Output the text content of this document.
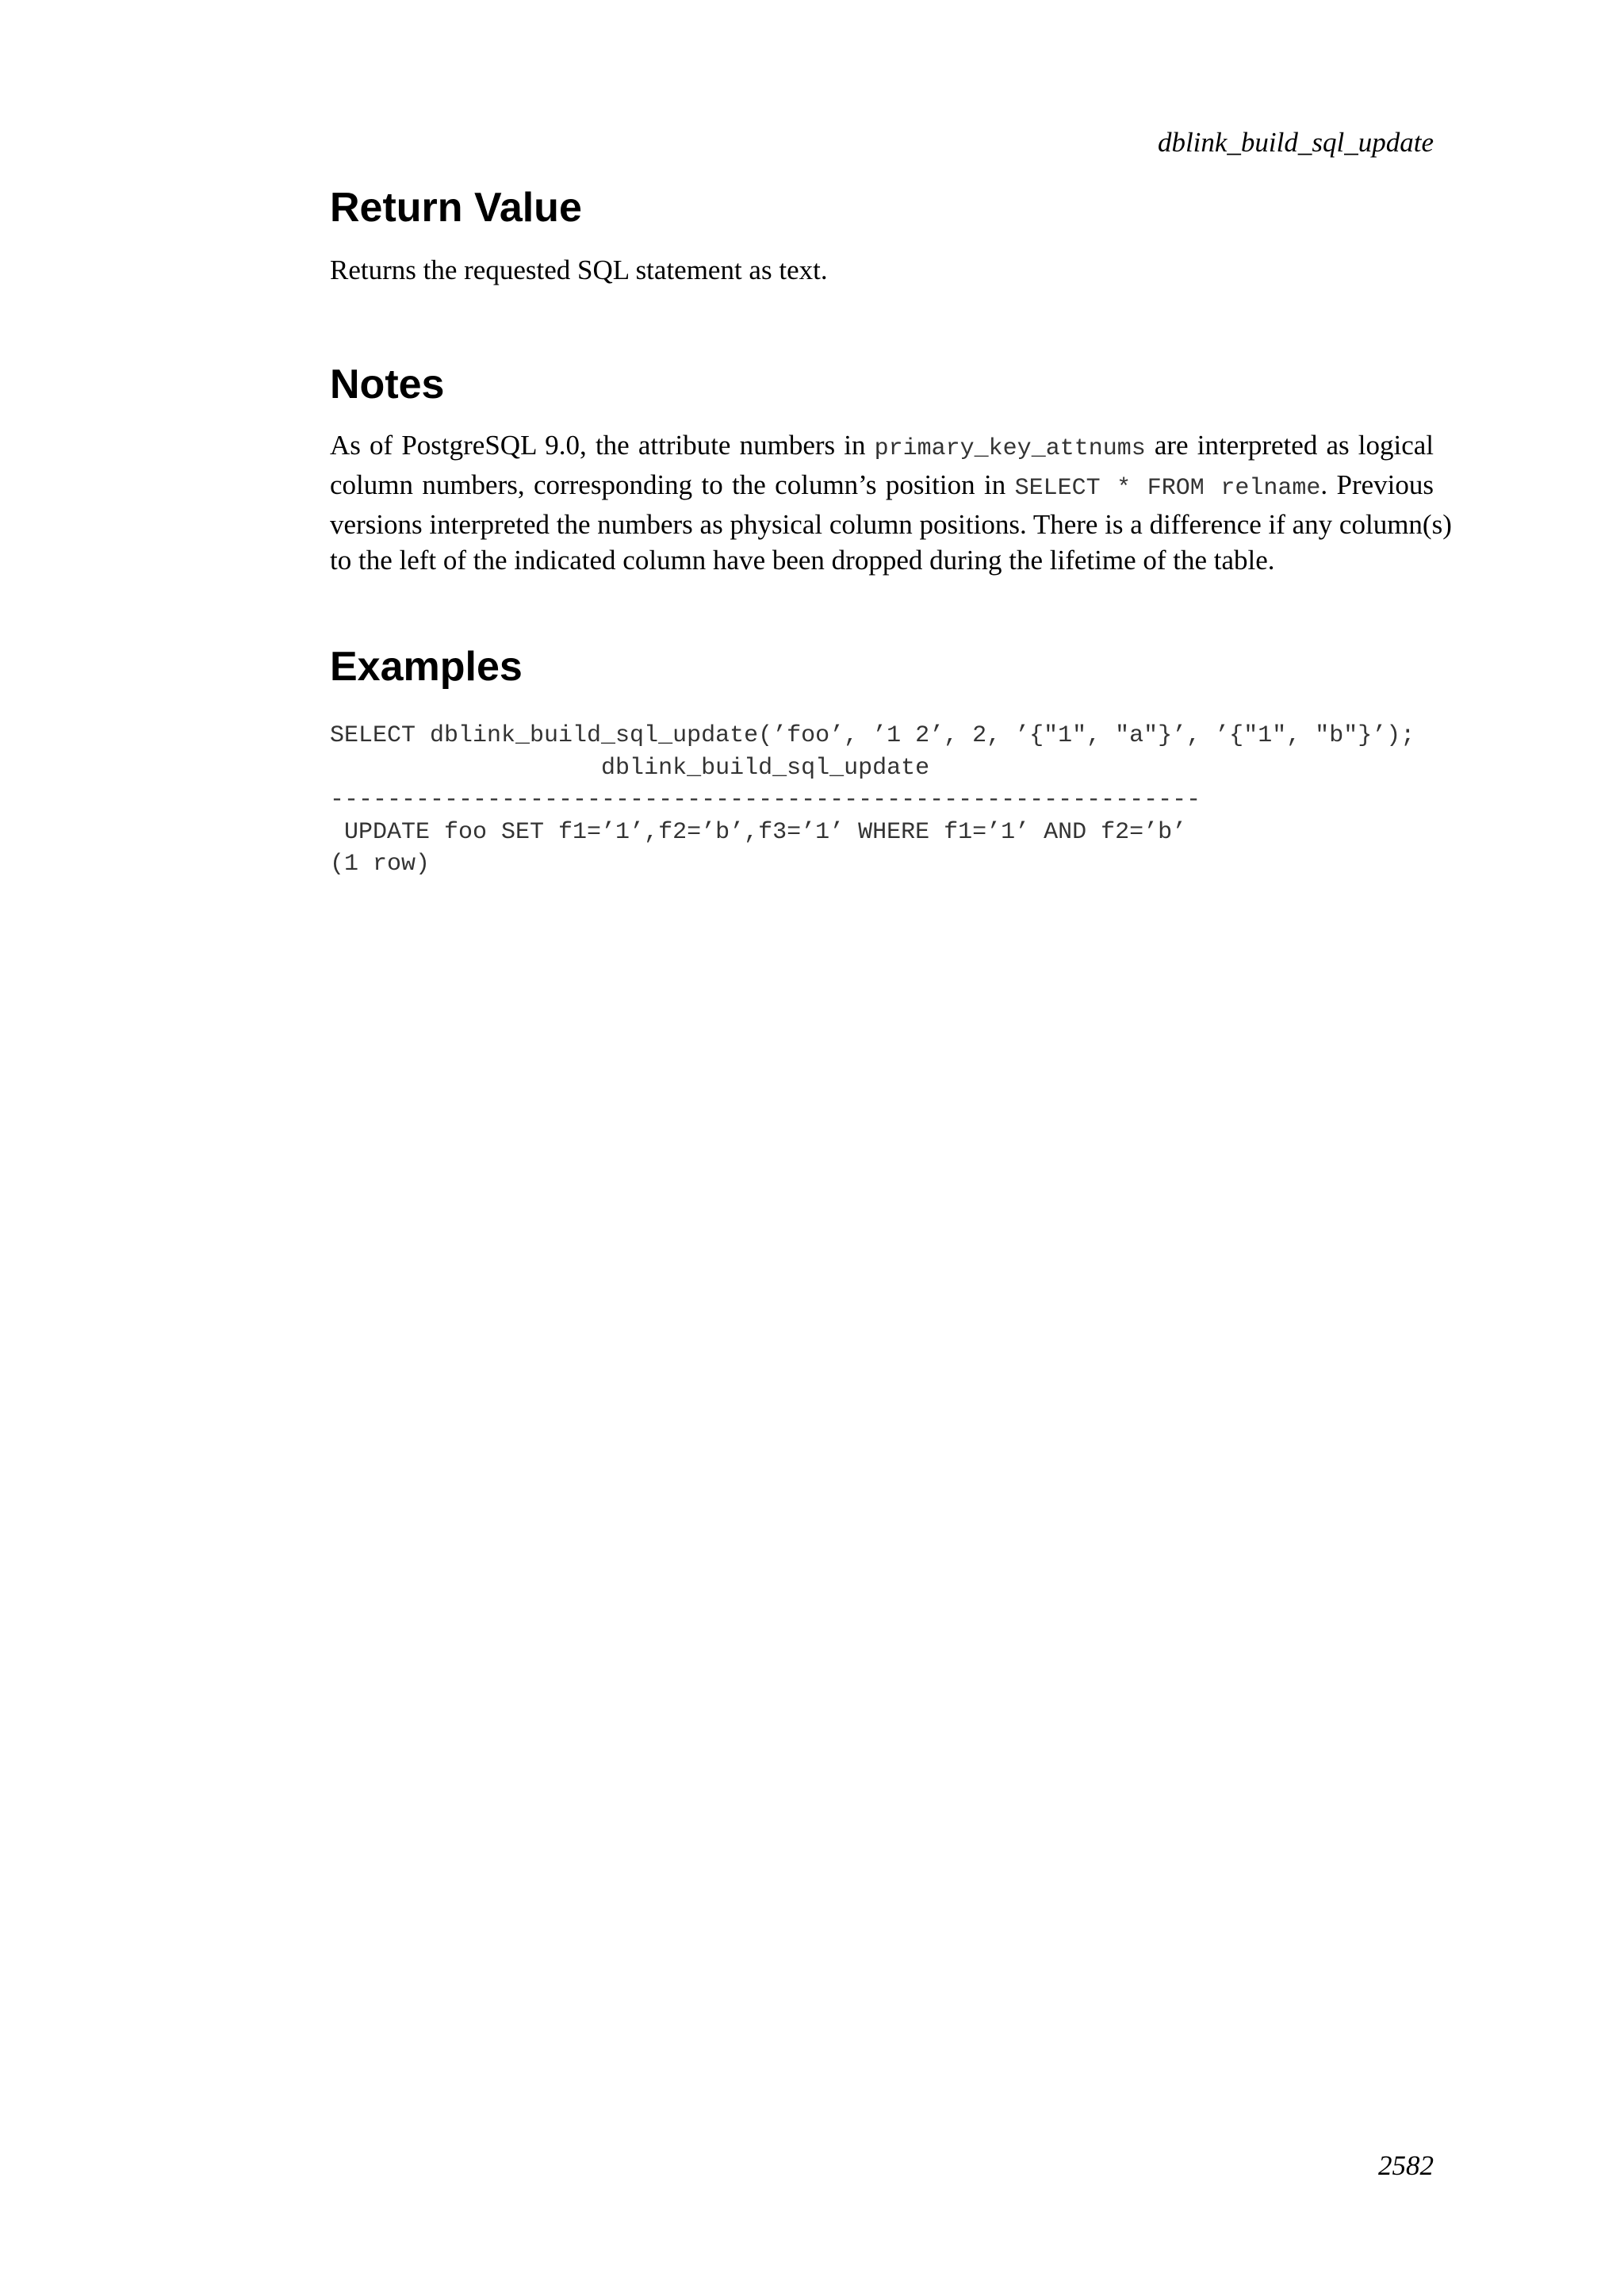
dblink_build_sql_update
Return Value

Returns the requested SQL statement as text.

Notes
As of PostgreSQL 9.0, the attribute numbers in primary_key_attnums are interpreted as logical
column numbers, corresponding to the column’s position in SELECT * FROM relname. Previous
versions interpreted the numbers as physical column positions. There is a difference if any column(s)
to the left of the indicated column have been dropped during the lifetime of the table.
Examples
SELECT dblink_build_sql_update(’foo’, ’1 2’, 2, ’{"1", "a"}’, ’{"1", "b"}’);
dblink_build_sql_update
-------------------------------------------------------------
UPDATE foo SET f1=’1’,f2=’b’,f3=’1’ WHERE f1=’1’ AND f2=’b’
(1 row)
2582
